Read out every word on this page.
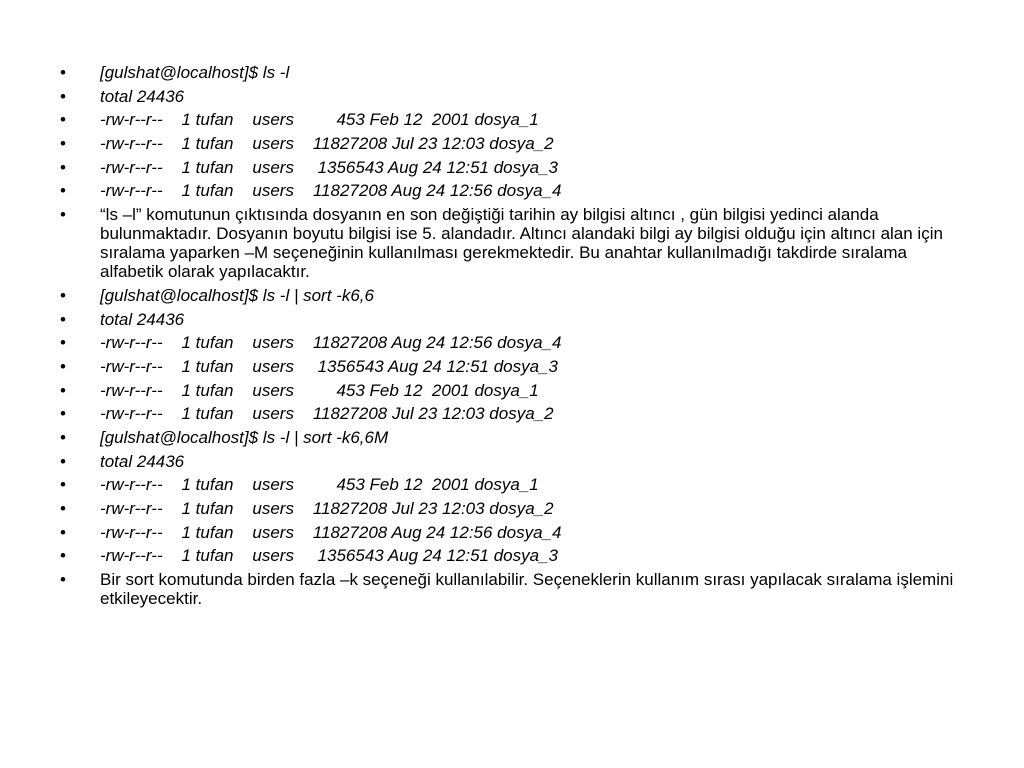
• [gulshat@localhost]$ ls -l
• total 24436
• -rw-r--r--    1 tufan    users         453 Feb 12  2001 dosya_1
• -rw-r--r--    1 tufan    users    11827208 Jul 23 12:03 dosya_2
• -rw-r--r--    1 tufan    users     1356543 Aug 24 12:51 dosya_3
• -rw-r--r--    1 tufan    users    11827208 Aug 24 12:56 dosya_4
• “ls –l” komutunun çıktısında dosyanın en son değiştiği tarihin ay bilgisi altıncı , gün bilgisi yedinci alanda bulunmaktadır. Dosyanın boyutu bilgisi ise 5. alandadır. Altıncı alandaki bilgi ay bilgisi olduğu için altıncı alan için sıralama yaparken –M seçeneğinin kullanılması gerekmektedir. Bu anahtar kullanılmadığı takdirde sıralama alfabetik olarak yapılacaktır.
• [gulshat@localhost]$ ls -l | sort -k6,6
• total 24436
• -rw-r--r--    1 tufan    users    11827208 Aug 24 12:56 dosya_4
• -rw-r--r--    1 tufan    users     1356543 Aug 24 12:51 dosya_3
• -rw-r--r--    1 tufan    users         453 Feb 12  2001 dosya_1
• -rw-r--r--    1 tufan    users    11827208 Jul 23 12:03 dosya_2
• [gulshat@localhost]$ ls -l | sort -k6,6M
• total 24436
• -rw-r--r--    1 tufan    users         453 Feb 12  2001 dosya_1
• -rw-r--r--    1 tufan    users    11827208 Jul 23 12:03 dosya_2
• -rw-r--r--    1 tufan    users    11827208 Aug 24 12:56 dosya_4
• -rw-r--r--    1 tufan    users     1356543 Aug 24 12:51 dosya_3
• Bir sort komutunda birden fazla –k seçeneği kullanılabilir. Seçeneklerin kullanım sırası yapılacak sıralama işlemini etkileyecektir.
